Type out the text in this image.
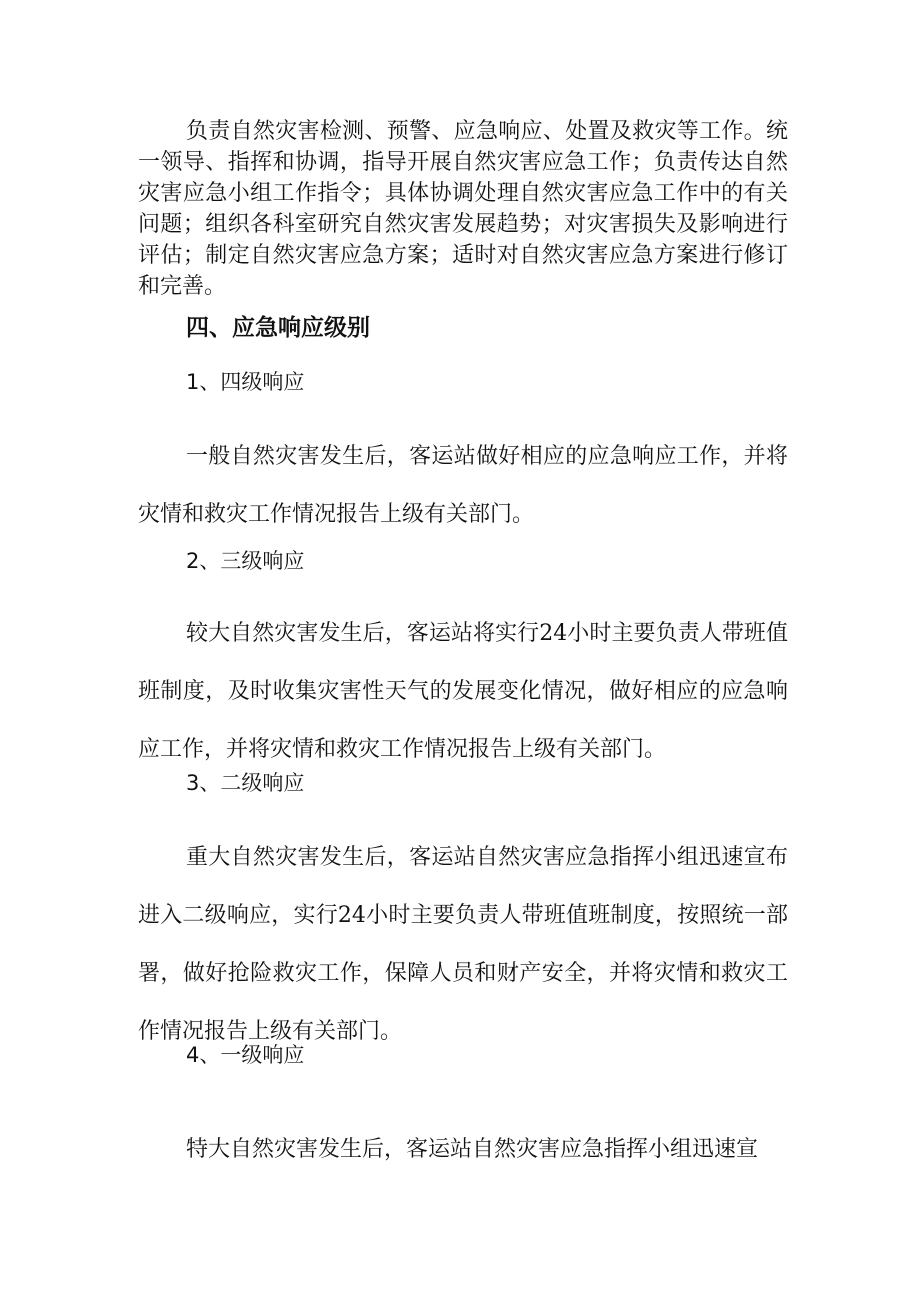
负责自然灾害检测、预警、应急响应、处置及救灾等工作。统一领导、指挥和协调，指导开展自然灾害应急工作；负责传达自然灾害应急小组工作指令；具体协调处理自然灾害应急工作中的有关问题；组织各科室研究自然灾害发展趋势；对灾害损失及影响进行评估；制定自然灾害应急方案；适时对自然灾害应急方案进行修订和完善。

四、应急响应级别
1、四级响应

一般自然灾害发生后，客运站做好相应的应急响应工作，并将灾情和救灾工作情况报告上级有关部门。

2、三级响应

较大自然灾害发生后，客运站将实行24小时主要负责人带班值班制度，及时收集灾害性天气的发展变化情况，做好相应的应急响应工作，并将灾情和救灾工作情况报告上级有关部门。

3、二级响应

重大自然灾害发生后，客运站自然灾害应急指挥小组迅速宣布进入二级响应，实行24小时主要负责人带班值班制度，按照统一部署，做好抢险救灾工作，保障人员和财产安全，并将灾情和救灾工作情况报告上级有关部门。

4、一级响应

特大自然灾害发生后，客运站自然灾害应急指挥小组迅速宣
